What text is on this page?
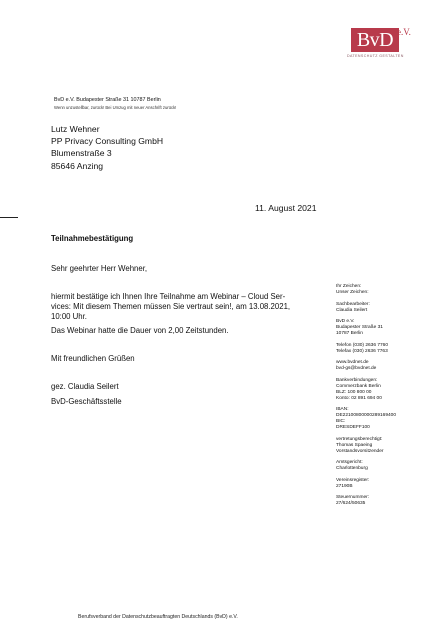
BvD e.V.
DATENSCHUTZ GESTALTEN
BvD e.V. Budapester Straße 31 10787 Berlin
Wenn unzustellbar, zurück! Bei Umzug mit neuer Anschrift zurück!
Lutz Wehner
PP Privacy Consulting GmbH
Blumenstraße 3
85646 Anzing
11. August 2021
Teilnahmebestätigung
Sehr geehrter Herr Wehner,
hiermit bestätige ich Ihnen Ihre Teilnahme am Webinar – Cloud Ser-
vices: Mit diesem Themen müssen Sie vertraut sein!, am 13.08.2021,
10:00 Uhr.
Das Webinar hatte die Dauer von 2,00 Zeitstunden.
Mit freundlichen Grüßen
gez. Claudia Seilert
BvD-Geschäftsstelle
Ihr Zeichen:
Unser Zeichen:
Sachbearbeiter:
Claudia Seilert
BvD e.V.
Budapester Straße 31
10787 Berlin
Telefon (030) 2636 7760
Telefax (030) 2636 7763
www.bvdnet.de
bvd-gs@bvdnet.de
Bankverbindungen:
Commerzbank Berlin
BLZ: 100 800 00
Konto: 02 891 694 00
IBAN:
DE22100800000289169400
BIC:
DRESDEFF100
vertretungsberechtigt:
Thomas Spaeing
Vorstandsvorsitzender
Amtsgericht:
Charlottenburg
Vereinsregister:
27190B
Steuernummer:
27/624/50635
Berufsverband der Datenschutzbeauftragten Deutschlands (BvD) e.V.
